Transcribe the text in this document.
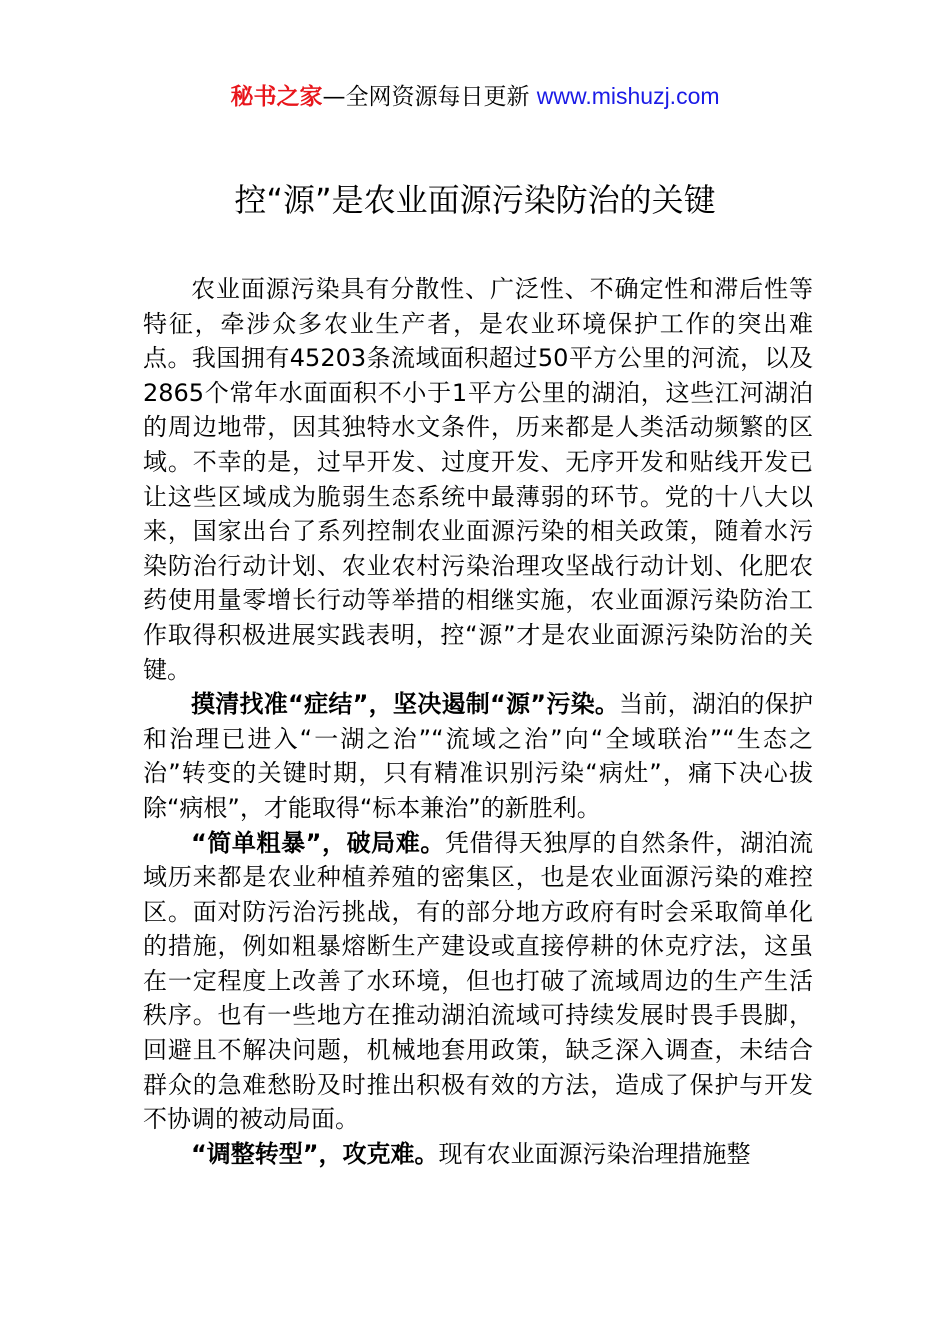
秘书之家—全网资源每日更新 www.mishuzj.com
控“源”是农业面源污染防治的关键

农业面源污染具有分散性、广泛性、不确定性和滞后性等特征，牵涉众多农业生产者，是农业环境保护工作的突出难点。我国拥有45203条流域面积超过50平方公里的河流，以及2865个常年水面面积不小于1平方公里的湖泊，这些江河湖泊的周边地带，因其独特水文条件，历来都是人类活动频繁的区域。不幸的是，过早开发、过度开发、无序开发和贴线开发已让这些区域成为脆弱生态系统中最薄弱的环节。党的十八大以来，国家出台了系列控制农业面源污染的相关政策，随着水污染防治行动计划、农业农村污染治理攻坚战行动计划、化肥农药使用量零增长行动等举措的相继实施，农业面源污染防治工作取得积极进展实践表明，控“源”才是农业面源污染防治的关键。

摸清找准“症结”，坚决遏制“源”污染。当前，湖泊的保护和治理已进入“一湖之治”“流域之治”向“全域联治”“生态之治”转变的关键时期，只有精准识别污染“病灶”，痛下决心拔除“病根”，才能取得“标本兼治”的新胜利。

“简单粗暴”，破局难。凭借得天独厚的自然条件，湖泊流域历来都是农业种植养殖的密集区，也是农业面源污染的难控区。面对防污治污挑战，有的部分地方政府有时会采取简单化的措施，例如粗暴熔断生产建设或直接停耕的休克疗法，这虽在一定程度上改善了水环境，但也打破了流域周边的生产生活秩序。也有一些地方在推动湖泊流域可持续发展时畏手畏脚，回避且不解决问题，机械地套用政策，缺乏深入调查，未结合群众的急难愁盼及时推出积极有效的方法，造成了保护与开发不协调的被动局面。

“调整转型”，攻克难。现有农业面源污染治理措施整
